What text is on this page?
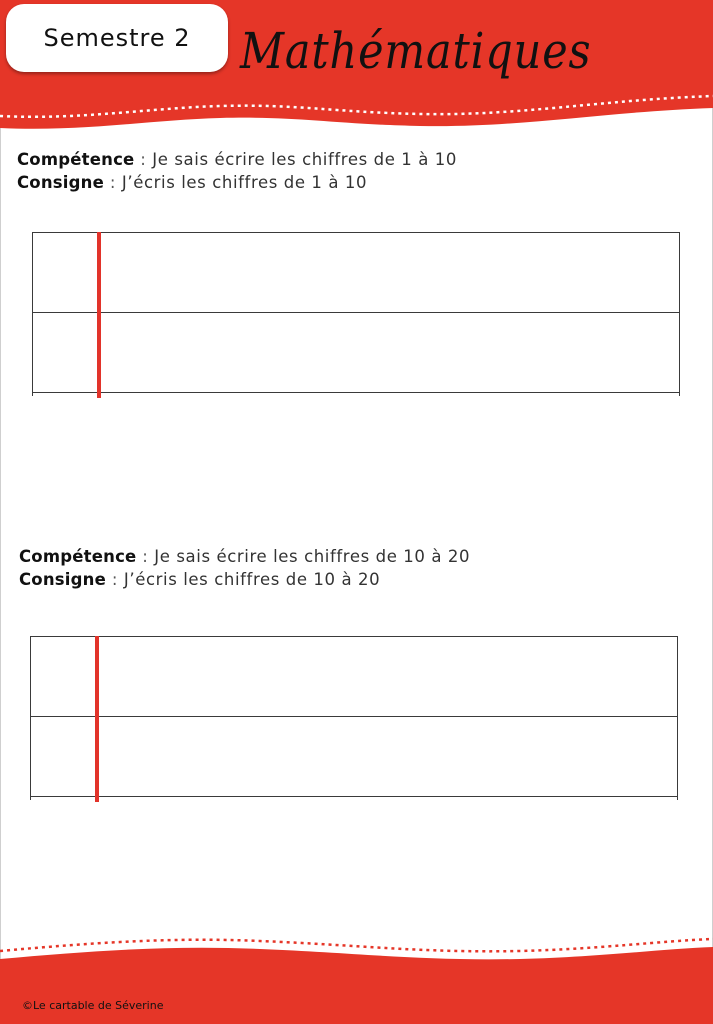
Semestre 2 Mathématiques
Compétence : Je sais écrire les chiffres de 1 à 10
Consigne : J’écris les chiffres de 1 à 10
Compétence : Je sais écrire les chiffres de 10 à 20
Consigne : J’écris les chiffres de 10 à 20
©Le cartable de Séverine
